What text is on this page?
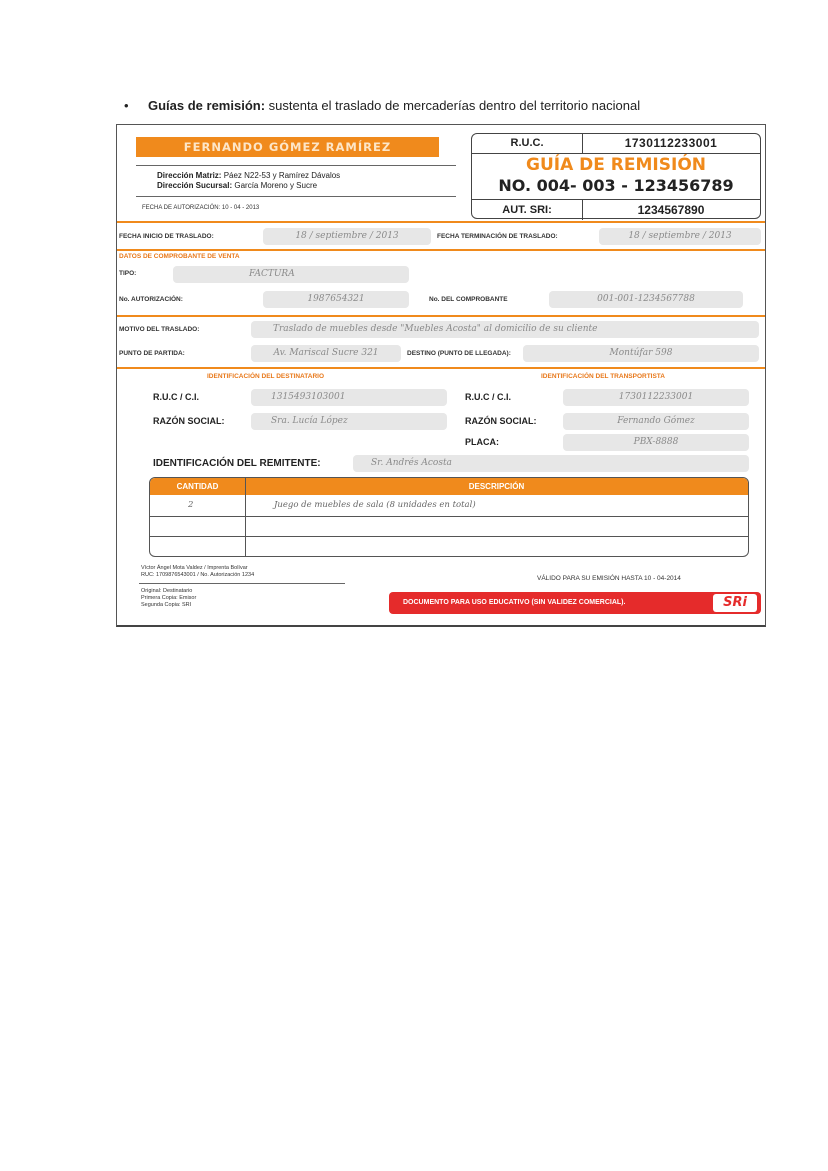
• Guías de remisión: sustenta el traslado de mercaderías dentro del territorio nacional
FERNANDO GÓMEZ RAMÍREZ
Dirección Matriz: Páez N22-53 y Ramírez Dávalos
Dirección Sucursal: García Moreno y Sucre
FECHA DE AUTORIZACIÓN: 10 - 04 - 2013
R.U.C.	1730112233001
GUÍA DE REMISIÓN
NO. 004- 003 - 123456789
AUT. SRI:	1234567890
FECHA INICIO DE TRASLADO:	18 / septiembre / 2013	FECHA TERMINACIÓN DE TRASLADO:	18 / septiembre / 2013
DATOS DE COMPROBANTE DE VENTA
TIPO:	FACTURA
No. AUTORIZACIÓN:	1987654321	No. DEL COMPROBANTE	001-001-1234567788
MOTIVO DEL TRASLADO:	Traslado de muebles desde "Muebles Acosta" al domicilio de su cliente
PUNTO DE PARTIDA:	Av. Mariscal Sucre 321	DESTINO (PUNTO DE LLEGADA):	Montúfar 598
IDENTIFICACIÓN DEL DESTINATARIO	IDENTIFICACIÓN DEL TRANSPORTISTA
R.U.C / C.I.	1315493103001
RAZÓN SOCIAL:	Sra. Lucía López
R.U.C / C.I.	1730112233001
RAZÓN SOCIAL:	Fernando Gómez
PLACA:	PBX-8888
IDENTIFICACIÓN DEL REMITENTE:	Sr. Andrés Acosta
CANTIDAD	DESCRIPCIÓN
2	Juego de muebles de sala (8 unidades en total)
Víctor Ángel Mota Valdez / Imprenta Bolívar
RUC: 1709876543001 / No. Autorización 1234
Original: Destinatario
Primera Copia: Emisor
Segunda Copia: SRI
VÁLIDO PARA SU EMISIÓN HASTA 10 - 04-2014
DOCUMENTO PARA USO EDUCATIVO (SIN VALIDEZ COMERCIAL).	SRi
